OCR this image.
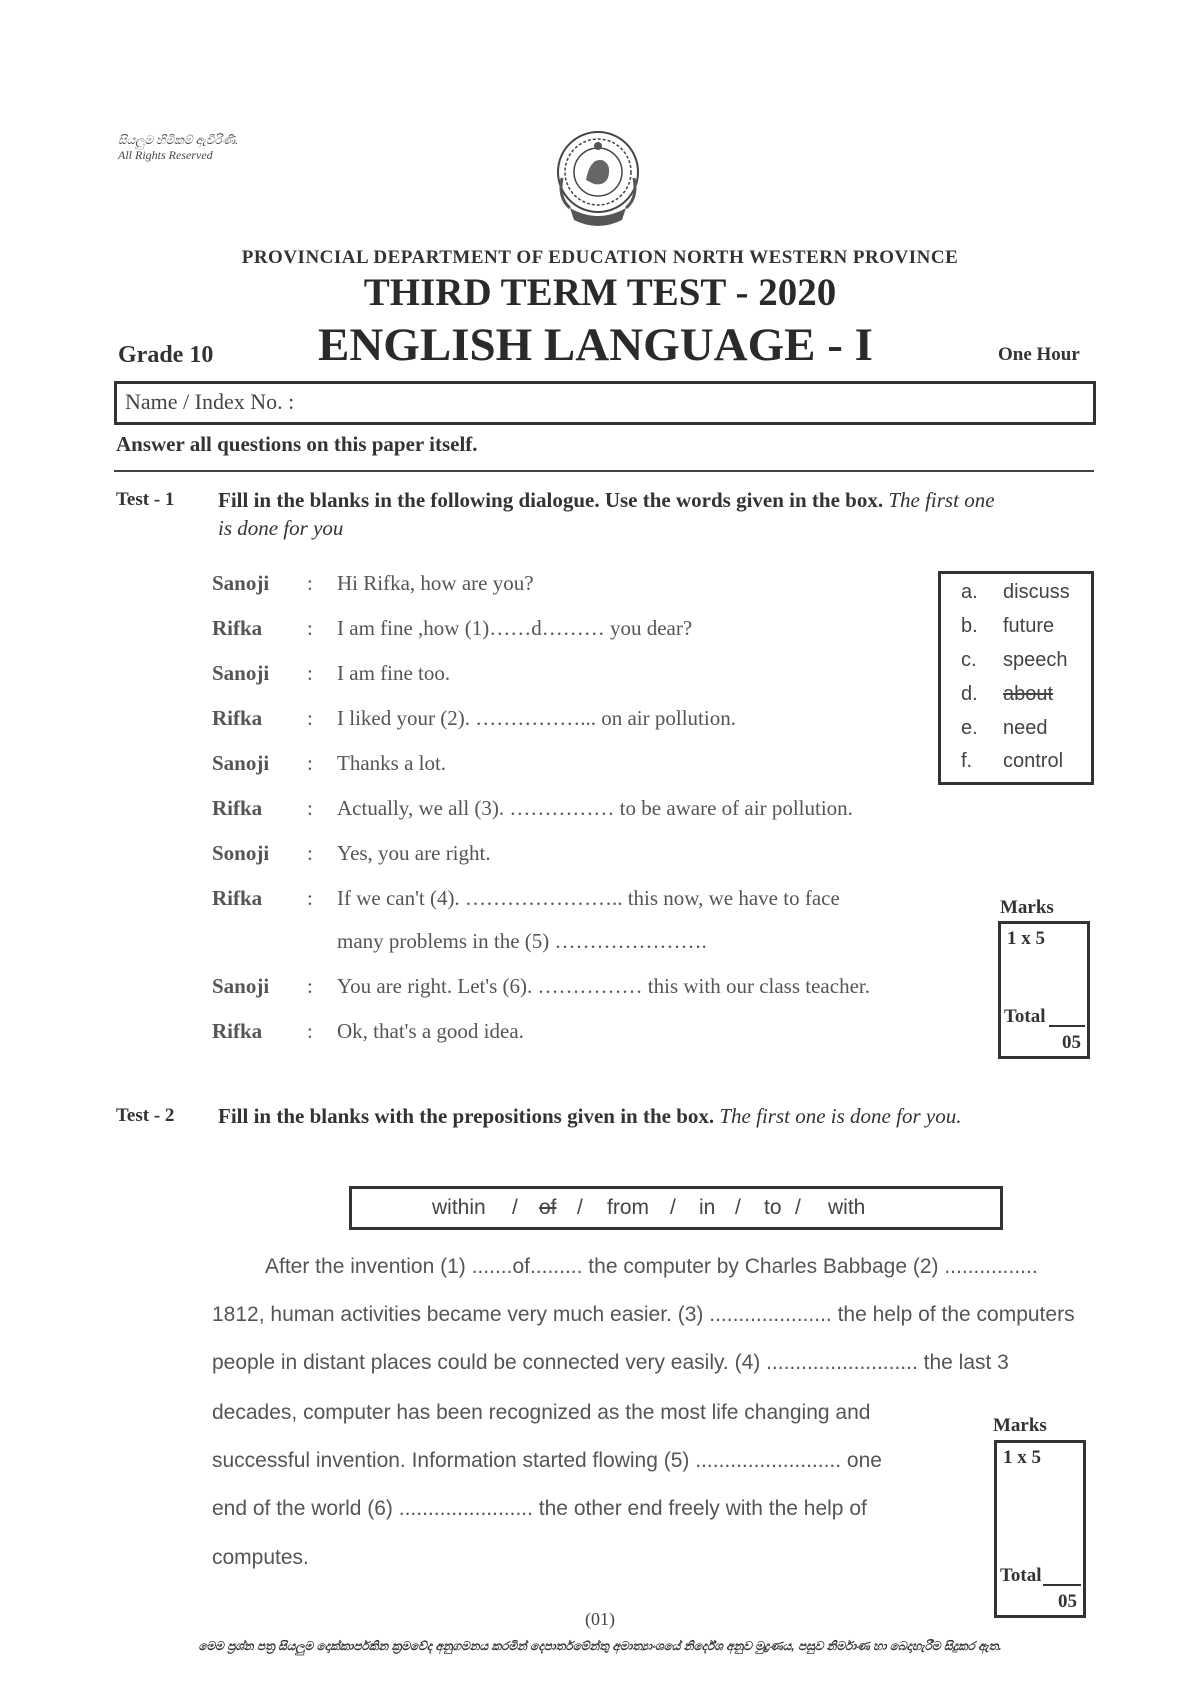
සියලුම හිමිකම් ඇවිරිණි.
All Rights Reserved
PROVINCIAL DEPARTMENT OF EDUCATION NORTH WESTERN PROVINCE
THIRD TERM TEST - 2020
Grade 10 ENGLISH LANGUAGE - I	One Hour
Name / Index No. :
Answer all questions on this paper itself.
Test - 1 Fill in the blanks in the following dialogue. Use the words given in the box. The first one
is done for you
Sanoji : Hi Rifka, how are you?
Rifka : I am fine ,how (1)……d……… you dear?
Sanoji : I am fine too.
Rifka : I liked your (2). ……………... on air pollution.
Sanoji : Thanks a lot.
Rifka : Actually, we all (3). …………… to be aware of air pollution.
Sonoji : Yes, you are right.
Rifka : If we can't (4). ………………….. this now, we have to face
many problems in the (5) ………………….
Sanoji : You are right. Let's (6). …………… this with our class teacher.
Rifka : Ok, that's a good idea.
a. discuss
b. future
c. speech
d. about
e. need
f. control
Marks
1 x 5
Total
05
Test - 2 Fill in the blanks with the prepositions given in the box. The first one is done for you.
within / of / from / in / to / with
After the invention (1) .......of......... the computer by Charles Babbage (2) ................
1812, human activities became very much easier. (3) ..................... the help of the computers
people in distant places could be connected very easily. (4) .......................... the last 3
decades, computer has been recognized as the most life changing and
successful invention. Information started flowing (5) ......................... one
end of the world (6) ....................... the other end freely with the help of
computes.
Marks
1 x 5
Total
05
(01)
මෙම ප්‍රශ්න පත්‍ර සියලුම දොක්කාර්පකින ක්‍රමවේද අනුගමනය කරමින් දෙපාර්තමේන්තු අමාත්‍යාංශයේ නිර්දේශ අනුව මුද්‍රණය, පසුව නිර්මාණ හා බෙදාහැරීම සිදුකර ඇත.
